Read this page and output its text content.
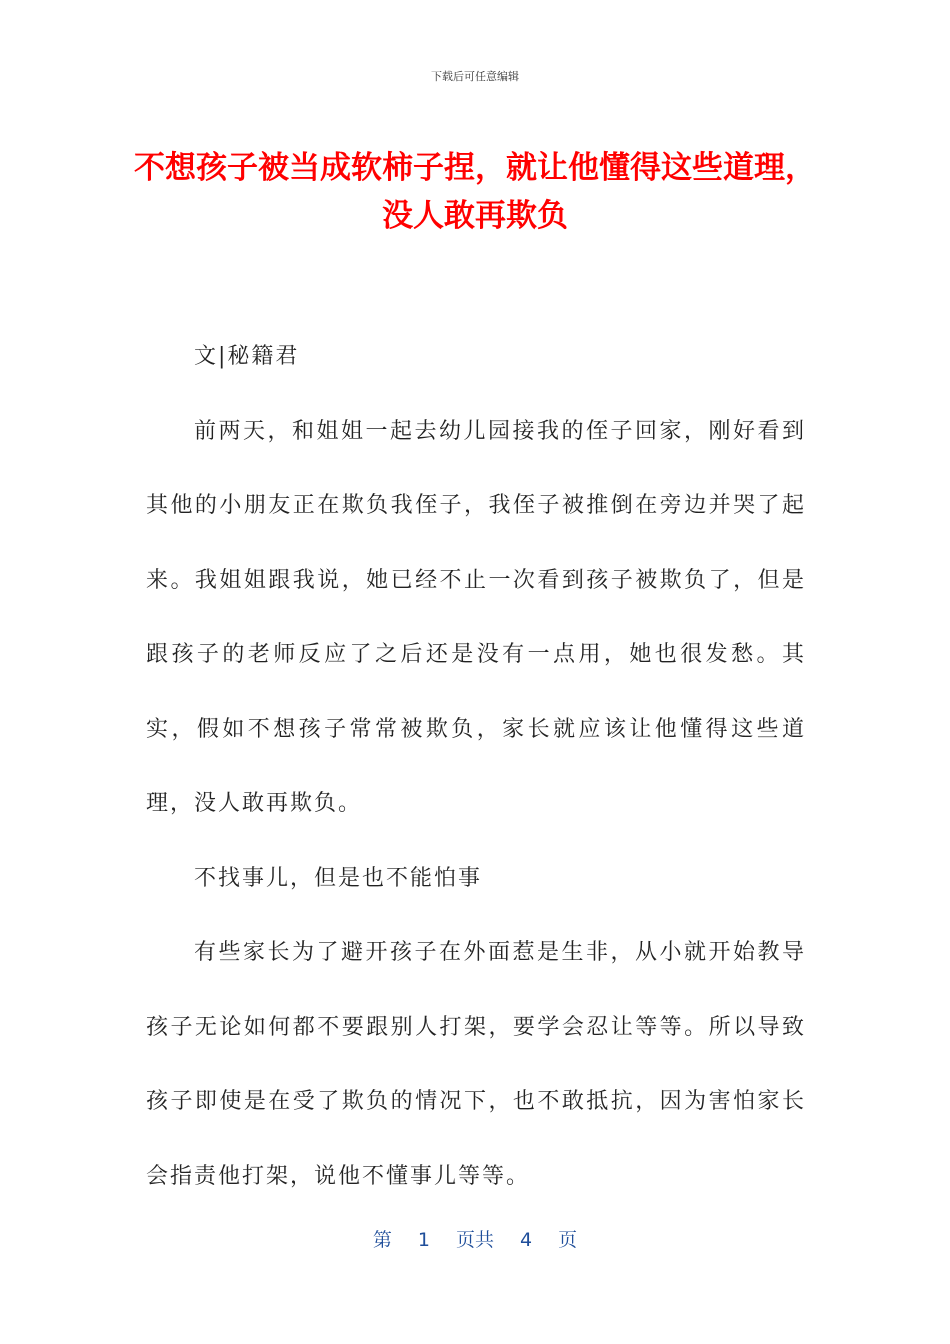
下载后可任意编辑
不想孩子被当成软柿子捏，就让他懂得这些道理，没人敢再欺负

文|秘籍君

前两天，和姐姐一起去幼儿园接我的侄子回家，刚好看到其他的小朋友正在欺负我侄子，我侄子被推倒在旁边并哭了起来。我姐姐跟我说，她已经不止一次看到孩子被欺负了，但是跟孩子的老师反应了之后还是没有一点用，她也很发愁。其实，假如不想孩子常常被欺负，家长就应该让他懂得这些道理，没人敢再欺负。

不找事儿，但是也不能怕事

有些家长为了避开孩子在外面惹是生非，从小就开始教导孩子无论如何都不要跟别人打架，要学会忍让等等。所以导致孩子即使是在受了欺负的情况下，也不敢抵抗，因为害怕家长会指责他打架，说他不懂事儿等等。

第 1 页共 4 页
